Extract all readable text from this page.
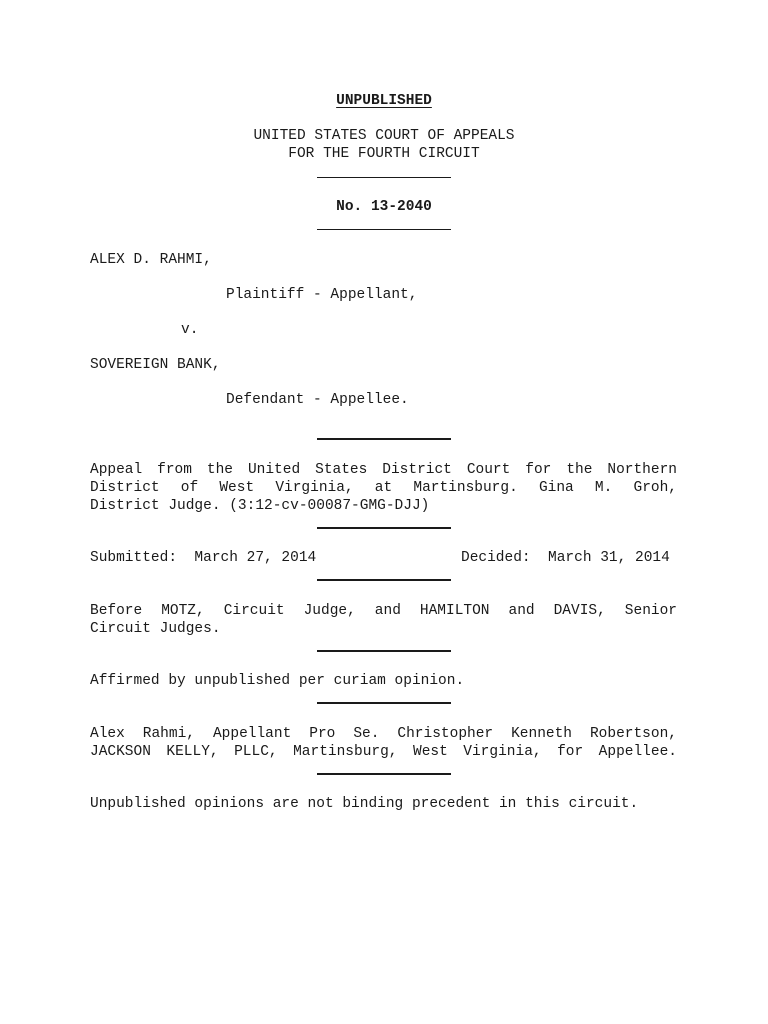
UNPUBLISHED
UNITED STATES COURT OF APPEALS
FOR THE FOURTH CIRCUIT
No. 13-2040
ALEX D. RAHMI,
Plaintiff - Appellant,
v.
SOVEREIGN BANK,
Defendant - Appellee.
Appeal from the United States District Court for the Northern
District of West Virginia, at Martinsburg. Gina M. Groh,
District Judge. (3:12-cv-00087-GMG-DJJ)
Submitted:  March 27, 2014	Decided:  March 31, 2014
Before MOTZ, Circuit Judge, and HAMILTON and DAVIS, Senior
Circuit Judges.
Affirmed by unpublished per curiam opinion.
Alex Rahmi, Appellant Pro Se. Christopher Kenneth Robertson,
JACKSON KELLY, PLLC, Martinsburg, West Virginia, for Appellee.
Unpublished opinions are not binding precedent in this circuit.
